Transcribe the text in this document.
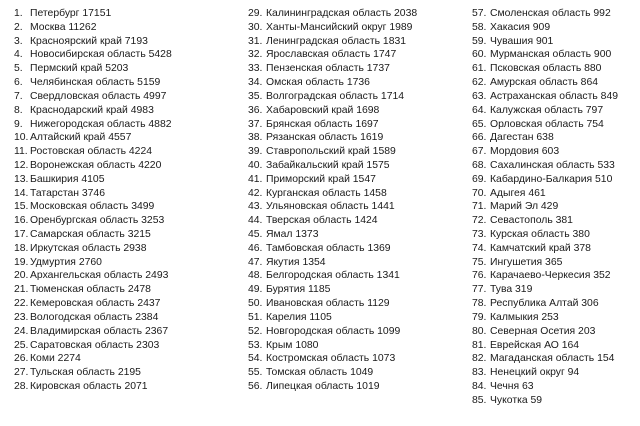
1. Петербург 17151
2. Москва 11262
3. Красноярский край 7193
4. Новосибирская область 5428
5. Пермский край 5203
6. Челябинская область 5159
7. Свердловская область 4997
8. Краснодарский край 4983
9. Нижегородская область 4882
10. Алтайский край 4557
11. Ростовская область 4224
12. Воронежская область 4220
13. Башкирия 4105
14. Татарстан 3746
15. Московская область 3499
16. Оренбургская область 3253
17. Самарская область 3215
18. Иркутская область 2938
19. Удмуртия 2760
20. Архангельская область 2493
21. Тюменская область 2478
22. Кемеровская область 2437
23. Вологодская область 2384
24. Владимирская область 2367
25. Саратовская область 2303
26. Коми 2274
27. Тульская область 2195
28. Кировская область 2071
29. Калининградская область 2038
30. Ханты-Мансийский округ 1989
31. Ленинградская область 1831
32. Ярославская область 1747
33. Пензенская область 1737
34. Омская область 1736
35. Волгоградская область 1714
36. Хабаровский край 1698
37. Брянская область 1697
38. Рязанская область 1619
39. Ставропольский край 1589
40. Забайкальский край 1575
41. Приморский край 1547
42. Курганская область 1458
43. Ульяновская область 1441
44. Тверская область 1424
45. Ямал 1373
46. Тамбовская область 1369
47. Якутия 1354
48. Белгородская область 1341
49. Бурятия 1185
50. Ивановская область 1129
51. Карелия 1105
52. Новгородская область 1099
53. Крым 1080
54. Костромская область 1073
55. Томская область 1049
56. Липецкая область 1019
57. Смоленская область 992
58. Хакасия 909
59. Чувашия 901
60. Мурманская область 900
61. Псковская область 880
62. Амурская область 864
63. Астраханская область 849
64. Калужская область 797
65. Орловская область 754
66. Дагестан 638
67. Мордовия 603
68. Сахалинская область 533
69. Кабардино-Балкария 510
70. Адыгея 461
71. Марий Эл 429
72. Севастополь 381
73. Курская область 380
74. Камчатский край 378
75. Ингушетия 365
76. Карачаево-Черкесия 352
77. Тува 319
78. Республика Алтай 306
79. Калмыкия 253
80. Северная Осетия 203
81. Еврейская АО 164
82. Магаданская область 154
83. Ненецкий округ 94
84. Чечня 63
85. Чукотка 59
